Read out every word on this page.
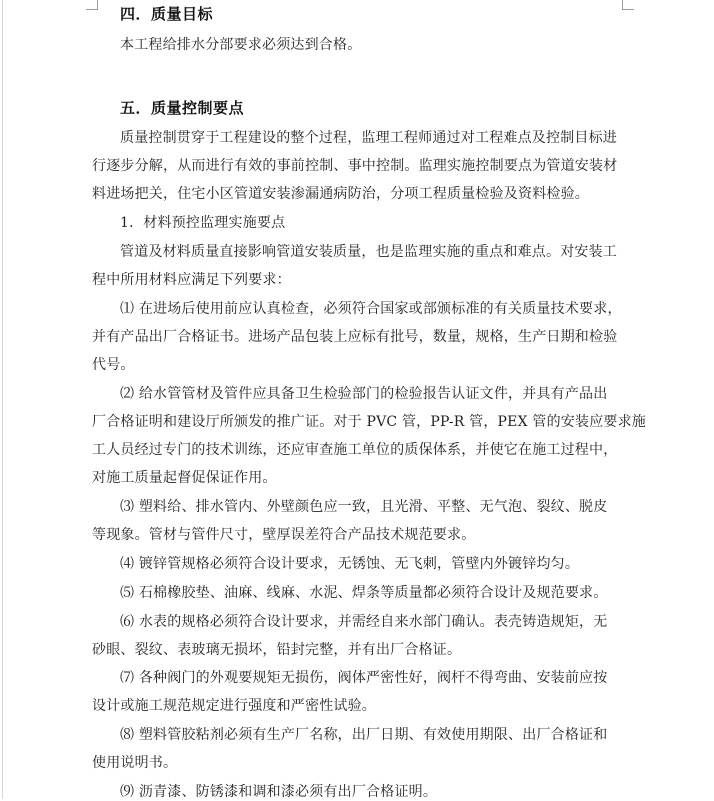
四．质量目标
本工程给排水分部要求必须达到合格。
五．质量控制要点
质量控制贯穿于工程建设的整个过程，监理工程师通过对工程难点及控制目标进
行逐步分解，从而进行有效的事前控制、事中控制。监理实施控制要点为管道安装材
料进场把关，住宅小区管道安装渗漏通病防治，分项工程质量检验及资料检验。
1．材料预控监理实施要点
管道及材料质量直接影响管道安装质量，也是监理实施的重点和难点。对安装工
程中所用材料应满足下列要求：
⑴ 在进场后使用前应认真检查，必须符合国家或部颁标准的有关质量技术要求，
并有产品出厂合格证书。进场产品包装上应标有批号，数量，规格，生产日期和检验
代号。
⑵ 给水管管材及管件应具备卫生检验部门的检验报告认证文件，并具有产品出
厂合格证明和建设厅所颁发的推广证。对于 PVC 管，PP-R 管，PEX 管的安装应要求施
工人员经过专门的技术训练，还应审查施工单位的质保体系，并使它在施工过程中，
对施工质量起督促保证作用。
⑶ 塑料给、排水管内、外壁颜色应一致，且光滑、平整、无气泡、裂纹、脱皮
等现象。管材与管件尺寸，壁厚误差符合产品技术规范要求。
⑷ 镀锌管规格必须符合设计要求，无锈蚀、无飞刺，管壁内外镀锌均匀。
⑸ 石棉橡胶垫、油麻、线麻、水泥、焊条等质量都必须符合设计及规范要求。
⑹ 水表的规格必须符合设计要求，并需经自来水部门确认。表壳铸造规矩，无
砂眼、裂纹、表玻璃无损坏，铅封完整，并有出厂合格证。
⑺ 各种阀门的外观要规矩无损伤，阀体严密性好，阀杆不得弯曲、安装前应按
设计或施工规范规定进行强度和严密性试验。
⑻ 塑料管胶粘剂必须有生产厂名称，出厂日期、有效使用期限、出厂合格证和
使用说明书。
⑼ 沥青漆、防锈漆和调和漆必须有出厂合格证明。
